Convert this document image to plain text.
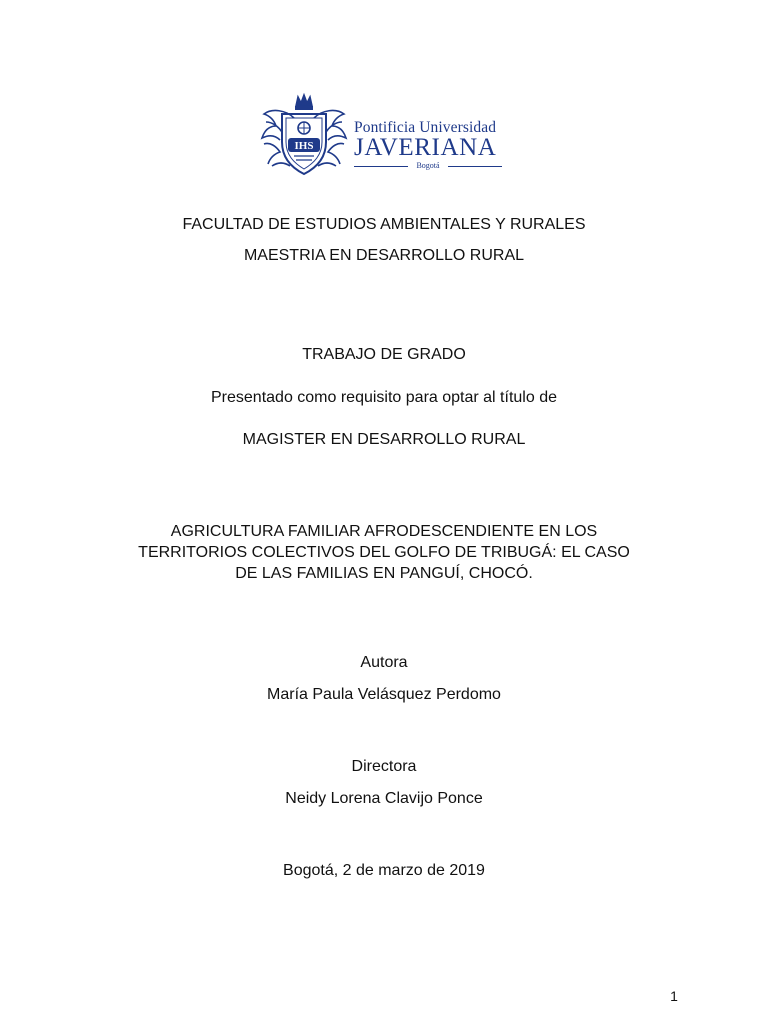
IHS
Pontificia Universidad
JAVERIANA
Bogotá
FACULTAD DE ESTUDIOS AMBIENTALES Y RURALES
MAESTRIA EN DESARROLLO RURAL
TRABAJO DE GRADO
Presentado como requisito para optar al título de
MAGISTER EN DESARROLLO RURAL
AGRICULTURA FAMILIAR AFRODESCENDIENTE EN LOS
TERRITORIOS COLECTIVOS DEL GOLFO DE TRIBUGÁ: EL CASO
DE LAS FAMILIAS EN PANGUÍ, CHOCÓ.
Autora
María Paula Velásquez Perdomo
Directora
Neidy Lorena Clavijo Ponce
Bogotá, 2 de marzo de 2019
1
